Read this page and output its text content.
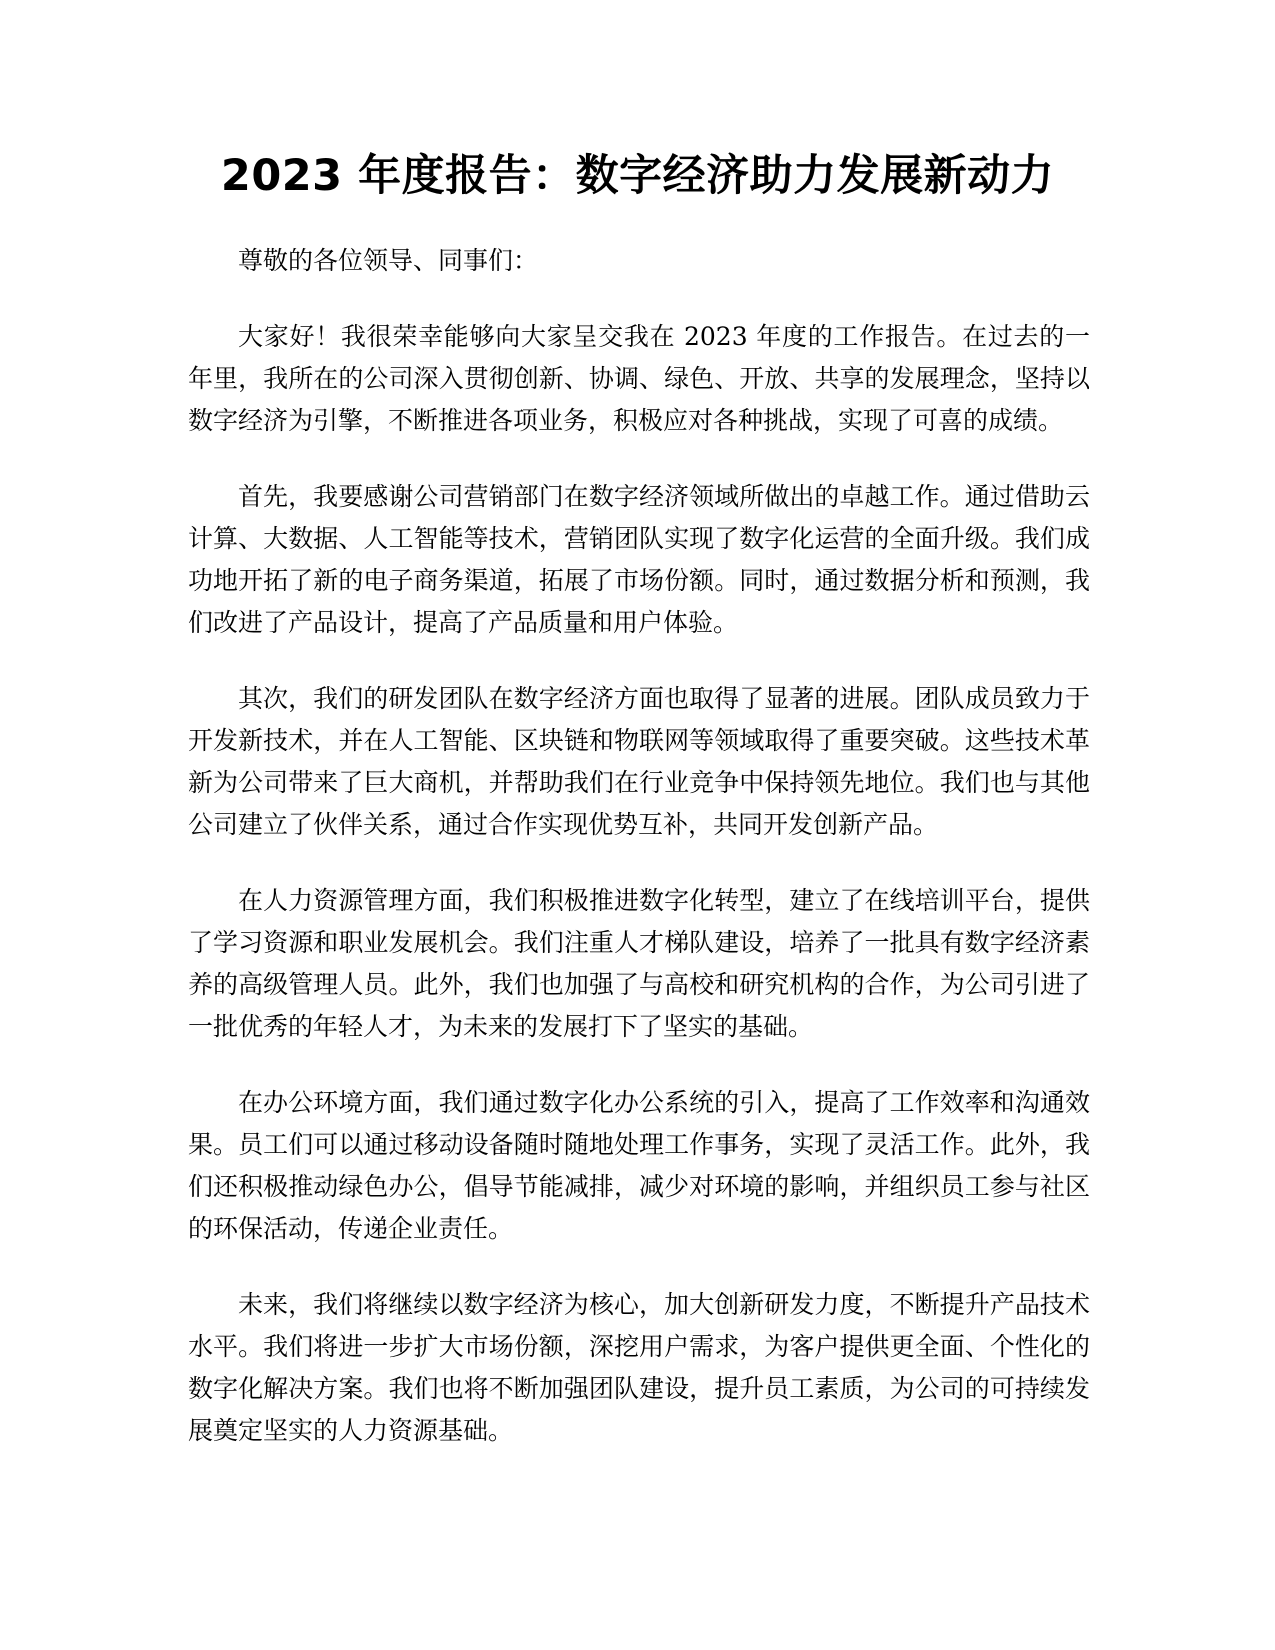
2023 年度报告：数字经济助力发展新动力

尊敬的各位领导、同事们：

大家好！我很荣幸能够向大家呈交我在 2023 年度的工作报告。在过去的一年里，我所在的公司深入贯彻创新、协调、绿色、开放、共享的发展理念，坚持以数字经济为引擎，不断推进各项业务，积极应对各种挑战，实现了可喜的成绩。

首先，我要感谢公司营销部门在数字经济领域所做出的卓越工作。通过借助云计算、大数据、人工智能等技术，营销团队实现了数字化运营的全面升级。我们成功地开拓了新的电子商务渠道，拓展了市场份额。同时，通过数据分析和预测，我们改进了产品设计，提高了产品质量和用户体验。

其次，我们的研发团队在数字经济方面也取得了显著的进展。团队成员致力于开发新技术，并在人工智能、区块链和物联网等领域取得了重要突破。这些技术革新为公司带来了巨大商机，并帮助我们在行业竞争中保持领先地位。我们也与其他公司建立了伙伴关系，通过合作实现优势互补，共同开发创新产品。

在人力资源管理方面，我们积极推进数字化转型，建立了在线培训平台，提供了学习资源和职业发展机会。我们注重人才梯队建设，培养了一批具有数字经济素养的高级管理人员。此外，我们也加强了与高校和研究机构的合作，为公司引进了一批优秀的年轻人才，为未来的发展打下了坚实的基础。

在办公环境方面，我们通过数字化办公系统的引入，提高了工作效率和沟通效果。员工们可以通过移动设备随时随地处理工作事务，实现了灵活工作。此外，我们还积极推动绿色办公，倡导节能减排，减少对环境的影响，并组织员工参与社区的环保活动，传递企业责任。

未来，我们将继续以数字经济为核心，加大创新研发力度，不断提升产品技术水平。我们将进一步扩大市场份额，深挖用户需求，为客户提供更全面、个性化的数字化解决方案。我们也将不断加强团队建设，提升员工素质，为公司的可持续发展奠定坚实的人力资源基础。
